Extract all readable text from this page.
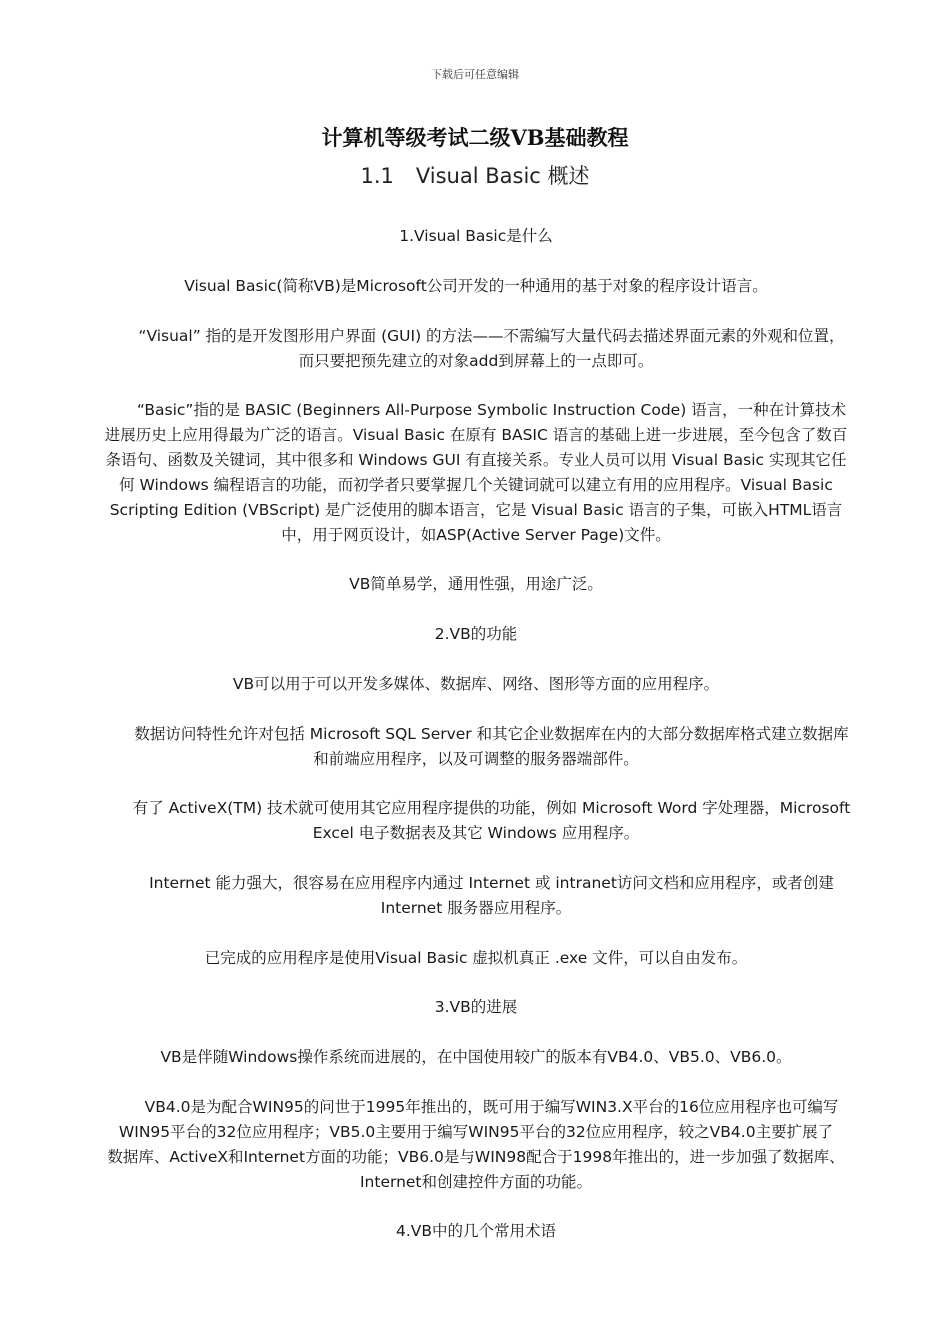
下载后可任意编辑
计算机等级考试二级VB基础教程
1.1 Visual Basic 概述

1.Visual Basic是什么

Visual Basic(简称VB)是Microsoft公司开发的一种通用的基于对象的程序设计语言。

“Visual” 指的是开发图形用户界面 (GUI) 的方法——不需编写大量代码去描述界面元素的外观和位置，

而只要把预先建立的对象add到屏幕上的一点即可。

“Basic”指的是 BASIC (Beginners All-Purpose Symbolic Instruction Code) 语言，一种在计算技术

进展历史上应用得最为广泛的语言。Visual Basic 在原有 BASIC 语言的基础上进一步进展，至今包含了数百

条语句、函数及关键词，其中很多和 Windows GUI 有直接关系。专业人员可以用 Visual Basic 实现其它任

何 Windows 编程语言的功能，而初学者只要掌握几个关键词就可以建立有用的应用程序。Visual Basic

Scripting Edition (VBScript) 是广泛使用的脚本语言，它是 Visual Basic 语言的子集，可嵌入HTML语言

中，用于网页设计，如ASP(Active Server Page)文件。

VB简单易学，通用性强，用途广泛。

2.VB的功能

VB可以用于可以开发多媒体、数据库、网络、图形等方面的应用程序。

数据访问特性允许对包括 Microsoft SQL Server 和其它企业数据库在内的大部分数据库格式建立数据库

和前端应用程序，以及可调整的服务器端部件。

有了 ActiveX(TM) 技术就可使用其它应用程序提供的功能，例如 Microsoft Word 字处理器，Microsoft

Excel 电子数据表及其它 Windows 应用程序。

Internet 能力强大，很容易在应用程序内通过 Internet 或 intranet访问文档和应用程序，或者创建

Internet 服务器应用程序。

已完成的应用程序是使用Visual Basic 虚拟机真正 .exe 文件，可以自由发布。

3.VB的进展

VB是伴随Windows操作系统而进展的，在中国使用较广的版本有VB4.0、VB5.0、VB6.0。

VB4.0是为配合WIN95的问世于1995年推出的，既可用于编写WIN3.X平台的16位应用程序也可编写

WIN95平台的32位应用程序；VB5.0主要用于编写WIN95平台的32位应用程序，较之VB4.0主要扩展了

数据库、ActiveX和Internet方面的功能；VB6.0是与WIN98配合于1998年推出的，进一步加强了数据库、

Internet和创建控件方面的功能。

4.VB中的几个常用术语
